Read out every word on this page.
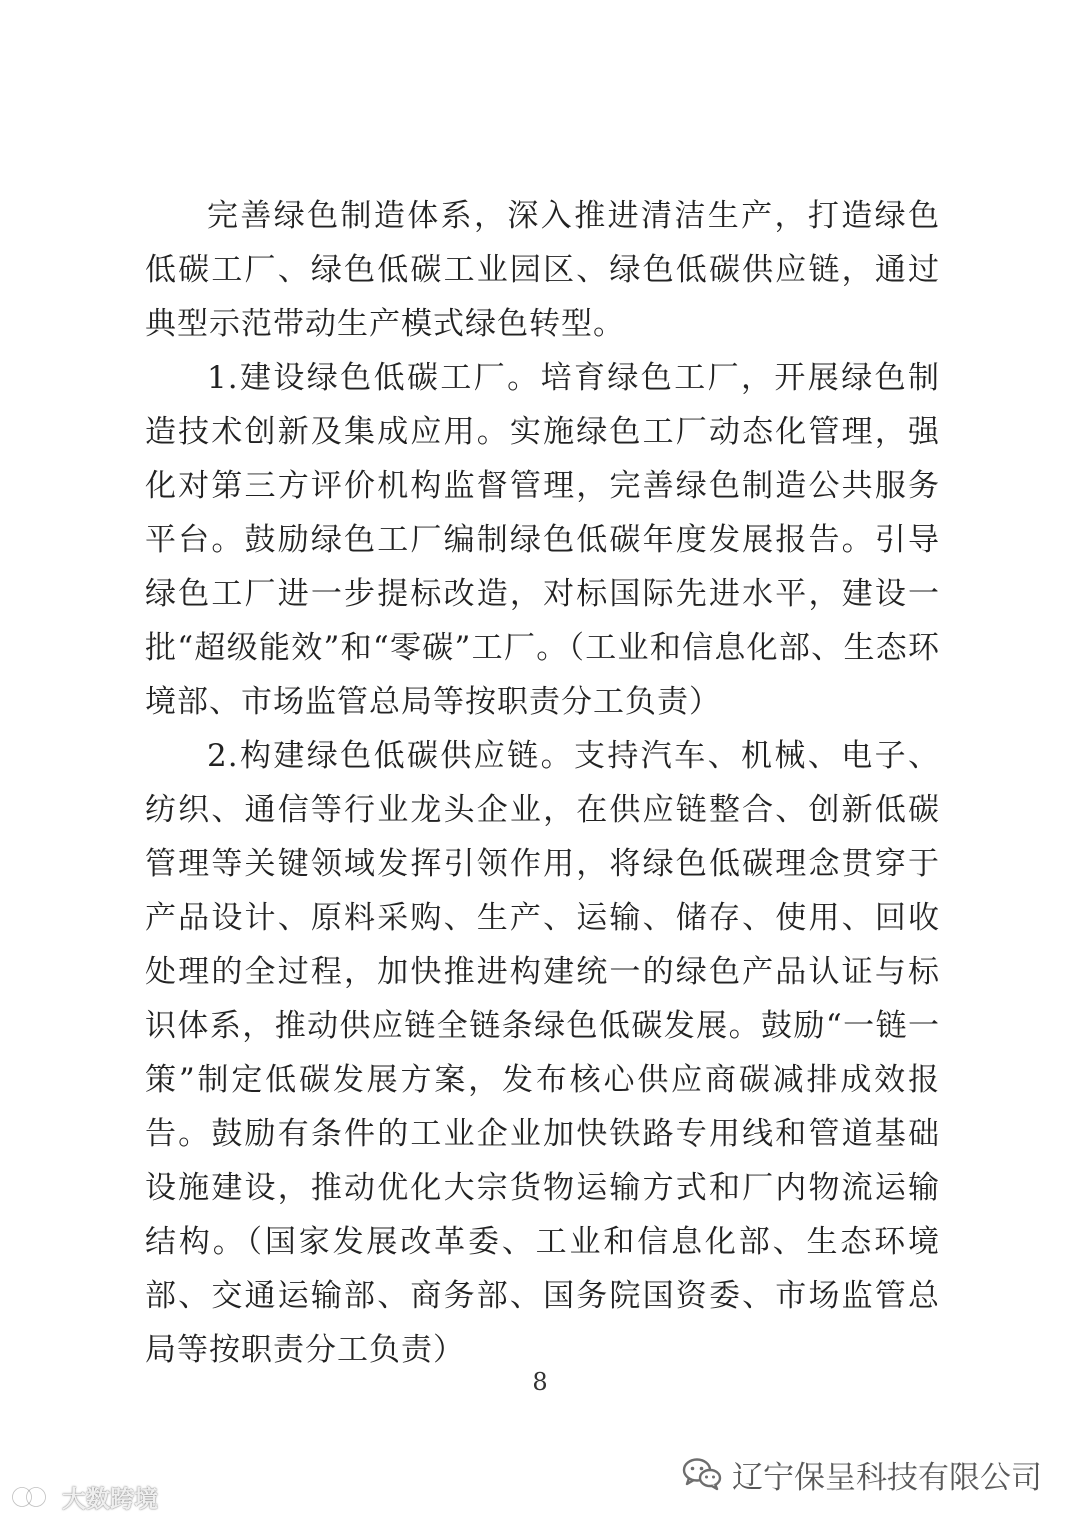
完善绿色制造体系，深入推进清洁生产，打造绿色低碳工厂、绿色低碳工业园区、绿色低碳供应链，通过典型示范带动生产模式绿色转型。

1.建设绿色低碳工厂。培育绿色工厂，开展绿色制造技术创新及集成应用。实施绿色工厂动态化管理，强化对第三方评价机构监督管理，完善绿色制造公共服务平台。鼓励绿色工厂编制绿色低碳年度发展报告。引导绿色工厂进一步提标改造，对标国际先进水平，建设一批“超级能效”和“零碳”工厂。（工业和信息化部、生态环境部、市场监管总局等按职责分工负责）

2.构建绿色低碳供应链。支持汽车、机械、电子、纺织、通信等行业龙头企业，在供应链整合、创新低碳管理等关键领域发挥引领作用，将绿色低碳理念贯穿于产品设计、原料采购、生产、运输、储存、使用、回收处理的全过程，加快推进构建统一的绿色产品认证与标识体系，推动供应链全链条绿色低碳发展。鼓励“一链一策”制定低碳发展方案，发布核心供应商碳减排成效报告。鼓励有条件的工业企业加快铁路专用线和管道基础设施建设，推动优化大宗货物运输方式和厂内物流运输结构。（国家发展改革委、工业和信息化部、生态环境部、交通运输部、商务部、国务院国资委、市场监管总局等按职责分工负责）

8
辽宁保呈科技有限公司
大数跨境
